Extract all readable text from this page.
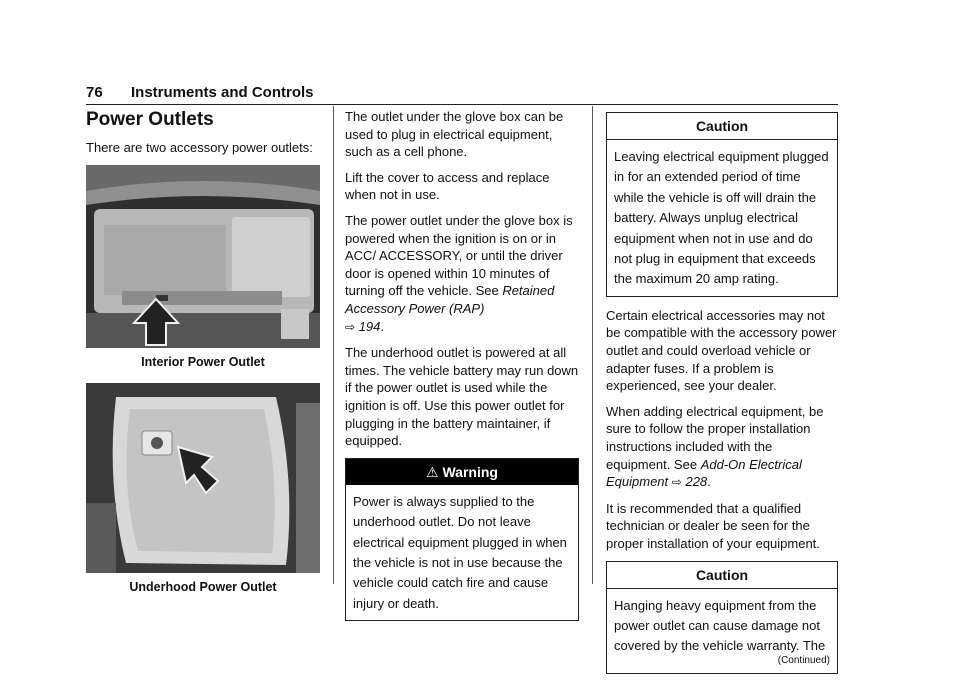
76 Instruments and Controls
Power Outlets

There are two accessory power outlets:

Interior Power Outlet
Underhood Power Outlet

The outlet under the glove box can be used to plug in electrical equipment, such as a cell phone.

Lift the cover to access and replace when not in use.

The power outlet under the glove box is powered when the ignition is on or in ACC/ ACCESSORY, or until the driver door is opened within 10 minutes of turning off the vehicle. See Retained Accessory Power (RAP)
⇨ 194.

The underhood outlet is powered at all times. The vehicle battery may run down if the power outlet is used while the ignition is off. Use this power outlet for plugging in the battery maintainer, if equipped.

⚠ Warning

Power is always supplied to the underhood outlet. Do not leave electrical equipment plugged in when the vehicle is not in use because the vehicle could catch fire and cause injury or death.

Caution

Leaving electrical equipment plugged in for an extended period of time while the vehicle is off will drain the battery. Always unplug electrical equipment when not in use and do not plug in equipment that exceeds the maximum 20 amp rating.

Certain electrical accessories may not be compatible with the accessory power outlet and could overload vehicle or adapter fuses. If a problem is experienced, see your dealer.

When adding electrical equipment, be sure to follow the proper installation instructions included with the equipment. See Add-On Electrical Equipment ⇨ 228.

It is recommended that a qualified technician or dealer be seen for the proper installation of your equipment.

Caution

Hanging heavy equipment from the power outlet can cause damage not covered by the vehicle warranty. The

(Continued)
